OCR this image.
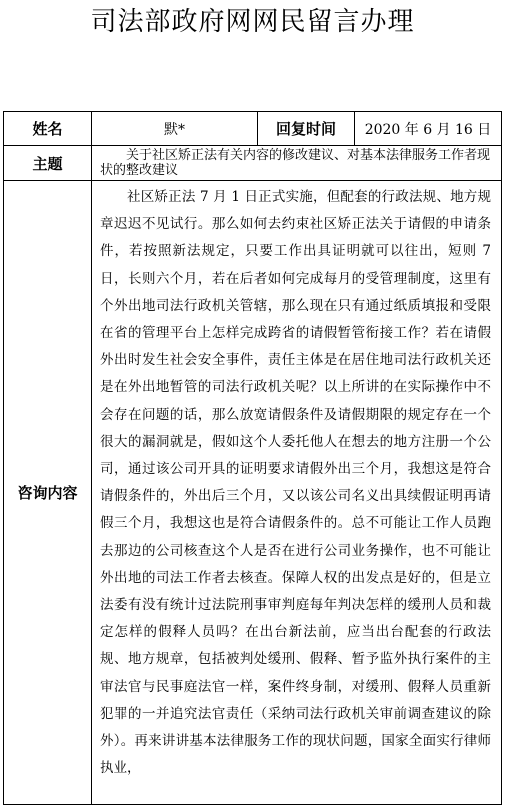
司法部政府网网民留言办理
姓名	默*	回复时间	2020 年 6 月 16 日
主题	关于社区矫正法有关内容的修改建议、对基本法律服务工作者现状的整改建议		
咨询内容	社区矫正法 7 月 1 日正式实施，但配套的行政法规、地方规章迟迟不见试行。那么如何去约束社区矫正法关于请假的申请条件，若按照新法规定，只要工作出具证明就可以往出，短则 7 日，长则六个月，若在后者如何完成每月的受管理制度，这里有个外出地司法行政机关管辖，那么现在只有通过纸质填报和受限在省的管理平台上怎样完成跨省的请假暂管衔接工作？若在请假外出时发生社会安全事件，责任主体是在居住地司法行政机关还是在外出地暂管的司法行政机关呢？以上所讲的在实际操作中不会存在问题的话，那么放宽请假条件及请假期限的规定存在一个很大的漏洞就是，假如这个人委托他人在想去的地方注册一个公司，通过该公司开具的证明要求请假外出三个月，我想这是符合请假条件的，外出后三个月，又以该公司名义出具续假证明再请假三个月，我想这也是符合请假条件的。总不可能让工作人员跑去那边的公司核查这个人是否在进行公司业务操作，也不可能让外出地的司法工作者去核查。保障人权的出发点是好的，但是立法委有没有统计过法院刑事审判庭每年判决怎样的缓刑人员和裁定怎样的假释人员吗？在出台新法前，应当出台配套的行政法规、地方规章，包括被判处缓刑、假释、暂予监外执行案件的主审法官与民事庭法官一样，案件终身制，对缓刑、假释人员重新犯罪的一并追究法官责任（采纳司法行政机关审前调查建议的除外）。再来讲讲基本法律服务工作的现状问题，国家全面实行律师执业，		
